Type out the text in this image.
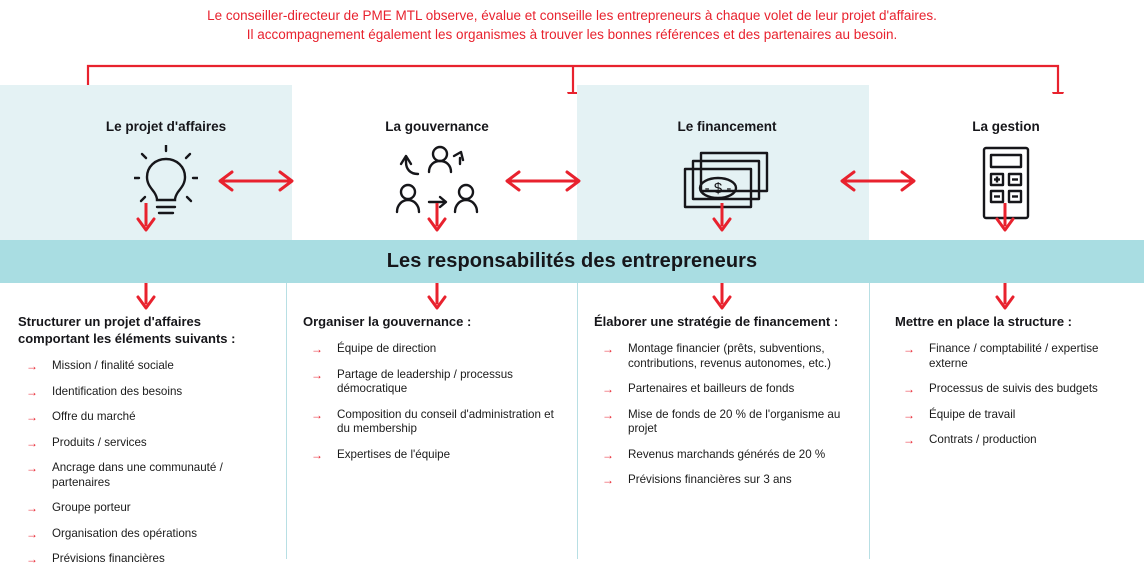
Le conseiller-directeur de PME MTL observe, évalue et conseille les entrepreneurs à chaque volet de leur projet d'affaires.
Il accompagnement également les organismes à trouver les bonnes références et des partenaires au besoin.
Le projet d'affaires	La gouvernance	Le financement
- $ -
La gestion
Les responsabilités des entrepreneurs
Structurer un projet d'affaires comportant les éléments suivants :
→ Mission / finalité sociale
→ Identification des besoins
→ Offre du marché
→ Produits / services
→ Ancrage dans une communauté / partenaires
→ Groupe porteur
→ Organisation des opérations
→ Prévisions financières
Organiser la gouvernance :
→ Équipe de direction
→ Partage de leadership / processus démocratique
→ Composition du conseil d'administration et du membership
→ Expertises de l'équipe
Élaborer une stratégie de financement :
→ Montage financier (prêts, subventions, contributions, revenus autonomes, etc.)
→ Partenaires et bailleurs de fonds
→ Mise de fonds de 20 % de l'organisme au projet
→ Revenus marchands générés de 20 %
→ Prévisions financières sur 3 ans
Mettre en place la structure :
→ Finance / comptabilité / expertise externe
→ Processus de suivis des budgets
→ Équipe de travail
→ Contrats / production
